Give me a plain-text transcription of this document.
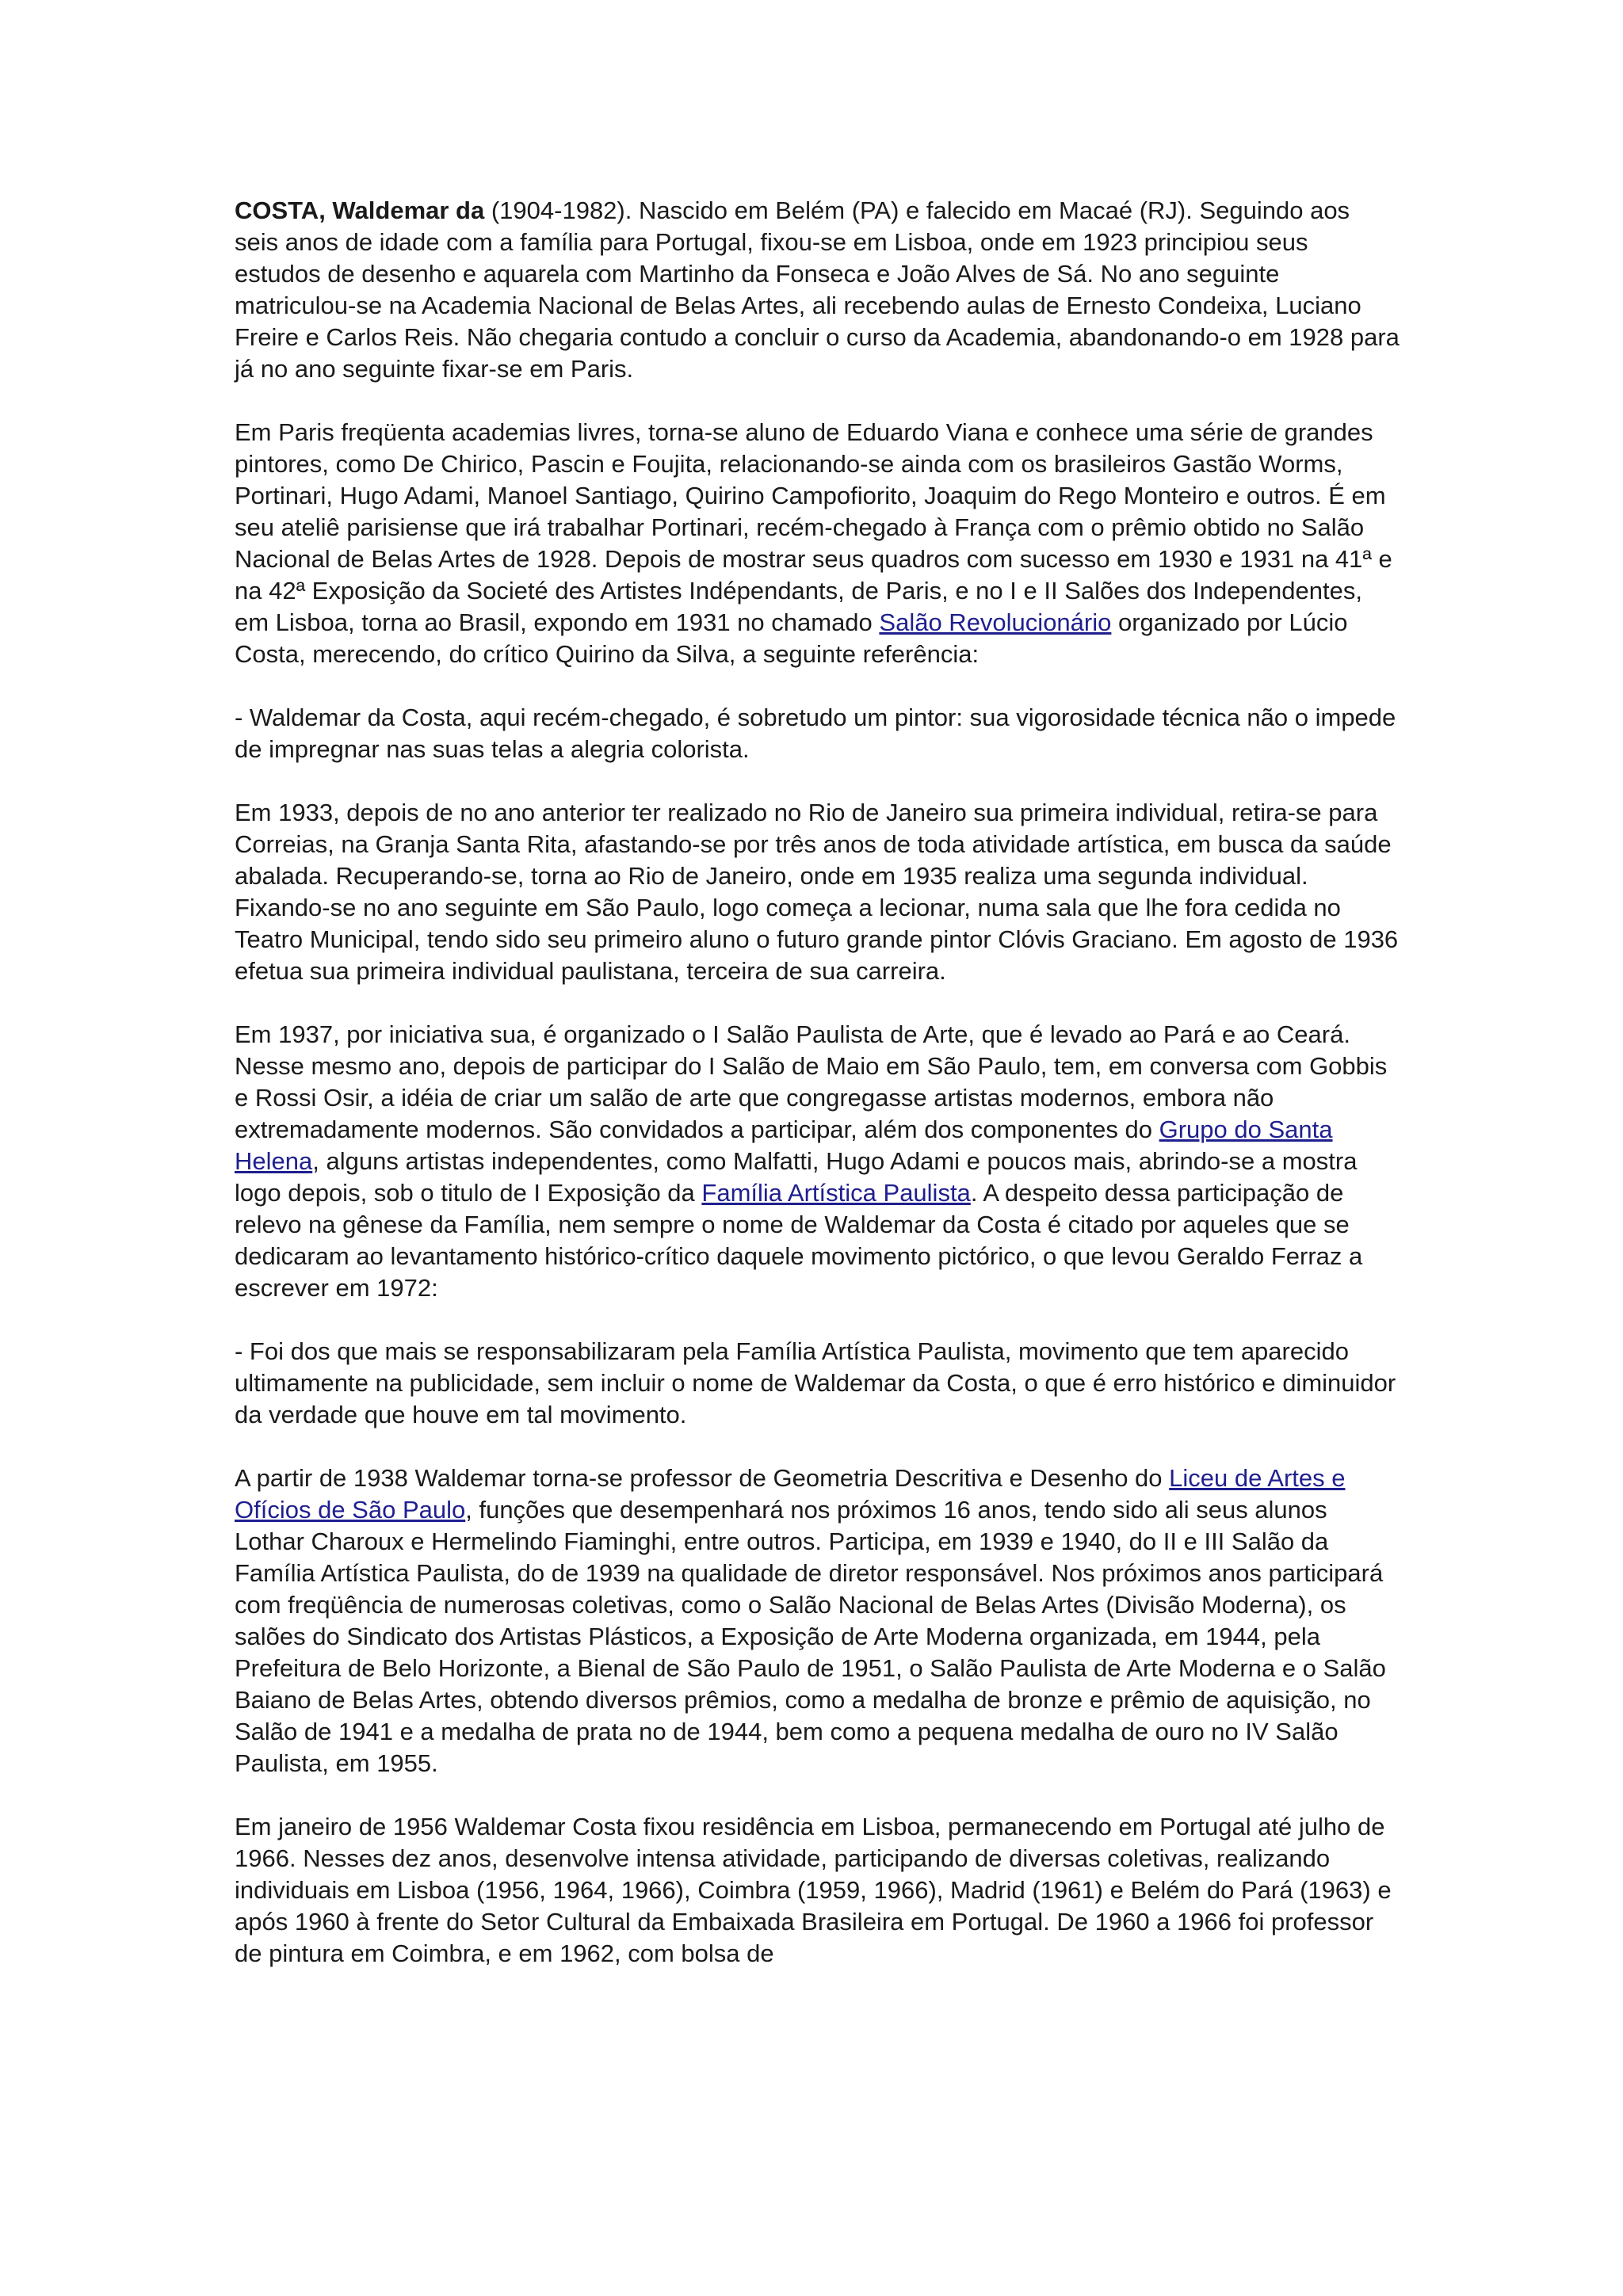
COSTA, Waldemar da (1904-1982). Nascido em Belém (PA) e falecido em Macaé (RJ). Seguindo aos seis anos de idade com a família para Portugal, fixou-se em Lisboa, onde em 1923 principiou seus estudos de desenho e aquarela com Martinho da Fonseca e João Alves de Sá. No ano seguinte matriculou-se na Academia Nacional de Belas Artes, ali recebendo aulas de Ernesto Condeixa, Luciano Freire e Carlos Reis. Não chegaria contudo a concluir o curso da Academia, abandonando-o em 1928 para já no ano seguinte fixar-se em Paris.

Em Paris freqüenta academias livres, torna-se aluno de Eduardo Viana e conhece uma série de grandes pintores, como De Chirico, Pascin e Foujita, relacionando-se ainda com os brasileiros Gastão Worms, Portinari, Hugo Adami, Manoel Santiago, Quirino Campofiorito, Joaquim do Rego Monteiro e outros. É em seu ateliê parisiense que irá trabalhar Portinari, recém-chegado à França com o prêmio obtido no Salão Nacional de Belas Artes de 1928. Depois de mostrar seus quadros com sucesso em 1930 e 1931 na 41ª e na 42ª Exposição da Societé des Artistes Indépendants, de Paris, e no I e II Salões dos Independentes, em Lisboa, torna ao Brasil, expondo em 1931 no chamado Salão Revolucionário organizado por Lúcio Costa, merecendo, do crítico Quirino da Silva, a seguinte referência:

- Waldemar da Costa, aqui recém-chegado, é sobretudo um pintor: sua vigorosidade técnica não o impede de impregnar nas suas telas a alegria colorista.

Em 1933, depois de no ano anterior ter realizado no Rio de Janeiro sua primeira individual, retira-se para Correias, na Granja Santa Rita, afastando-se por três anos de toda atividade artística, em busca da saúde abalada. Recuperando-se, torna ao Rio de Janeiro, onde em 1935 realiza uma segunda individual. Fixando-se no ano seguinte em São Paulo, logo começa a lecionar, numa sala que lhe fora cedida no Teatro Municipal, tendo sido seu primeiro aluno o futuro grande pintor Clóvis Graciano. Em agosto de 1936 efetua sua primeira individual paulistana, terceira de sua carreira.

Em 1937, por iniciativa sua, é organizado o I Salão Paulista de Arte, que é levado ao Pará e ao Ceará. Nesse mesmo ano, depois de participar do I Salão de Maio em São Paulo, tem, em conversa com Gobbis e Rossi Osir, a idéia de criar um salão de arte que congregasse artistas modernos, embora não extremadamente modernos. São convidados a participar, além dos componentes do Grupo do Santa Helena, alguns artistas independentes, como Malfatti, Hugo Adami e poucos mais, abrindo-se a mostra logo depois, sob o titulo de I Exposição da Família Artística Paulista. A despeito dessa participação de relevo na gênese da Família, nem sempre o nome de Waldemar da Costa é citado por aqueles que se dedicaram ao levantamento histórico-crítico daquele movimento pictórico, o que levou Geraldo Ferraz a escrever em 1972:

- Foi dos que mais se responsabilizaram pela Família Artística Paulista, movimento que tem aparecido ultimamente na publicidade, sem incluir o nome de Waldemar da Costa, o que é erro histórico e diminuidor da verdade que houve em tal movimento.

A partir de 1938 Waldemar torna-se professor de Geometria Descritiva e Desenho do Liceu de Artes e Ofícios de São Paulo, funções que desempenhará nos próximos 16 anos, tendo sido ali seus alunos Lothar Charoux e Hermelindo Fiaminghi, entre outros. Participa, em 1939 e 1940, do II e III Salão da Família Artística Paulista, do de 1939 na qualidade de diretor responsável. Nos próximos anos participará com freqüência de numerosas coletivas, como o Salão Nacional de Belas Artes (Divisão Moderna), os salões do Sindicato dos Artistas Plásticos, a Exposição de Arte Moderna organizada, em 1944, pela Prefeitura de Belo Horizonte, a Bienal de São Paulo de 1951, o Salão Paulista de Arte Moderna e o Salão Baiano de Belas Artes, obtendo diversos prêmios, como a medalha de bronze e prêmio de aquisição, no Salão de 1941 e a medalha de prata no de 1944, bem como a pequena medalha de ouro no IV Salão Paulista, em 1955.

Em janeiro de 1956 Waldemar Costa fixou residência em Lisboa, permanecendo em Portugal até julho de 1966. Nesses dez anos, desenvolve intensa atividade, participando de diversas coletivas, realizando individuais em Lisboa (1956, 1964, 1966), Coimbra (1959, 1966), Madrid (1961) e Belém do Pará (1963) e após 1960 à frente do Setor Cultural da Embaixada Brasileira em Portugal. De 1960 a 1966 foi professor de pintura em Coimbra, e em 1962, com bolsa de
